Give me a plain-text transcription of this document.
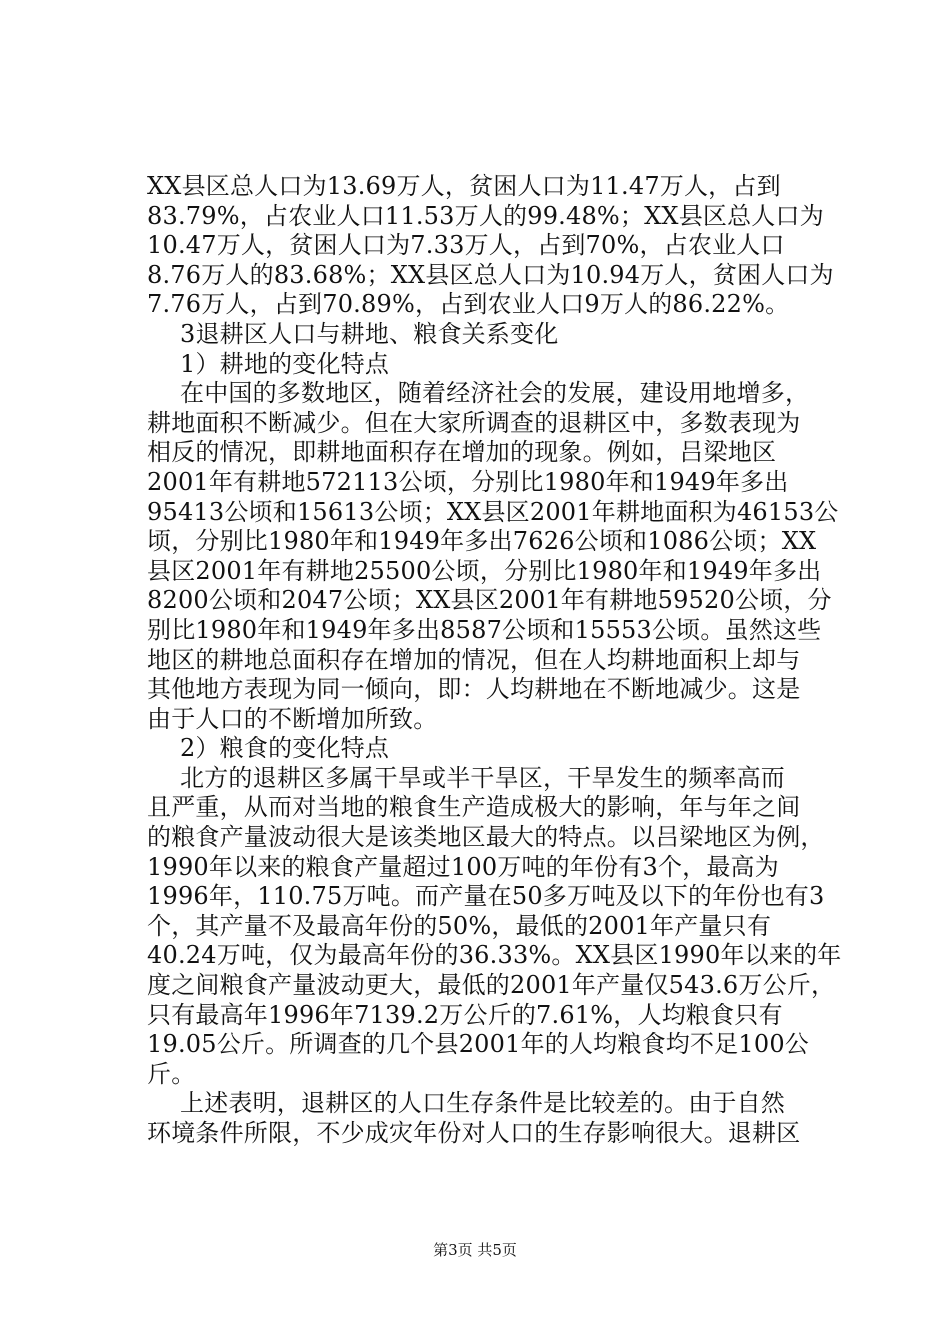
XX县区总人口为13.69万人，贫困人口为11.47万人，占到
83.79%，占农业人口11.53万人的99.48%；XX县区总人口为
10.47万人，贫困人口为7.33万人，占到70%，占农业人口
8.76万人的83.68%；XX县区总人口为10.94万人，贫困人口为
7.76万人，占到70.89%，占到农业人口9万人的86.22%。
3退耕区人口与耕地、粮食关系变化
1）耕地的变化特点
在中国的多数地区，随着经济社会的发展，建设用地增多，
耕地面积不断减少。但在大家所调查的退耕区中，多数表现为
相反的情况，即耕地面积存在增加的现象。例如，吕梁地区
2001年有耕地572113公顷，分别比1980年和1949年多出
95413公顷和15613公顷；XX县区2001年耕地面积为46153公
顷，分别比1980年和1949年多出7626公顷和1086公顷；XX
县区2001年有耕地25500公顷，分别比1980年和1949年多出
8200公顷和2047公顷；XX县区2001年有耕地59520公顷，分
别比1980年和1949年多出8587公顷和15553公顷。虽然这些
地区的耕地总面积存在增加的情况，但在人均耕地面积上却与
其他地方表现为同一倾向，即：人均耕地在不断地减少。这是
由于人口的不断增加所致。
2）粮食的变化特点
北方的退耕区多属干旱或半干旱区，干旱发生的频率高而
且严重，从而对当地的粮食生产造成极大的影响，年与年之间
的粮食产量波动很大是该类地区最大的特点。以吕梁地区为例，
1990年以来的粮食产量超过100万吨的年份有3个，最高为
1996年，110.75万吨。而产量在50多万吨及以下的年份也有3
个，其产量不及最高年份的50%，最低的2001年产量只有
40.24万吨，仅为最高年份的36.33%。XX县区1990年以来的年
度之间粮食产量波动更大，最低的2001年产量仅543.6万公斤，
只有最高年1996年7139.2万公斤的7.61%，人均粮食只有
19.05公斤。所调查的几个县2001年的人均粮食均不足100公
斤。
上述表明，退耕区的人口生存条件是比较差的。由于自然
环境条件所限，不少成灾年份对人口的生存影响很大。退耕区
第3页 共5页
